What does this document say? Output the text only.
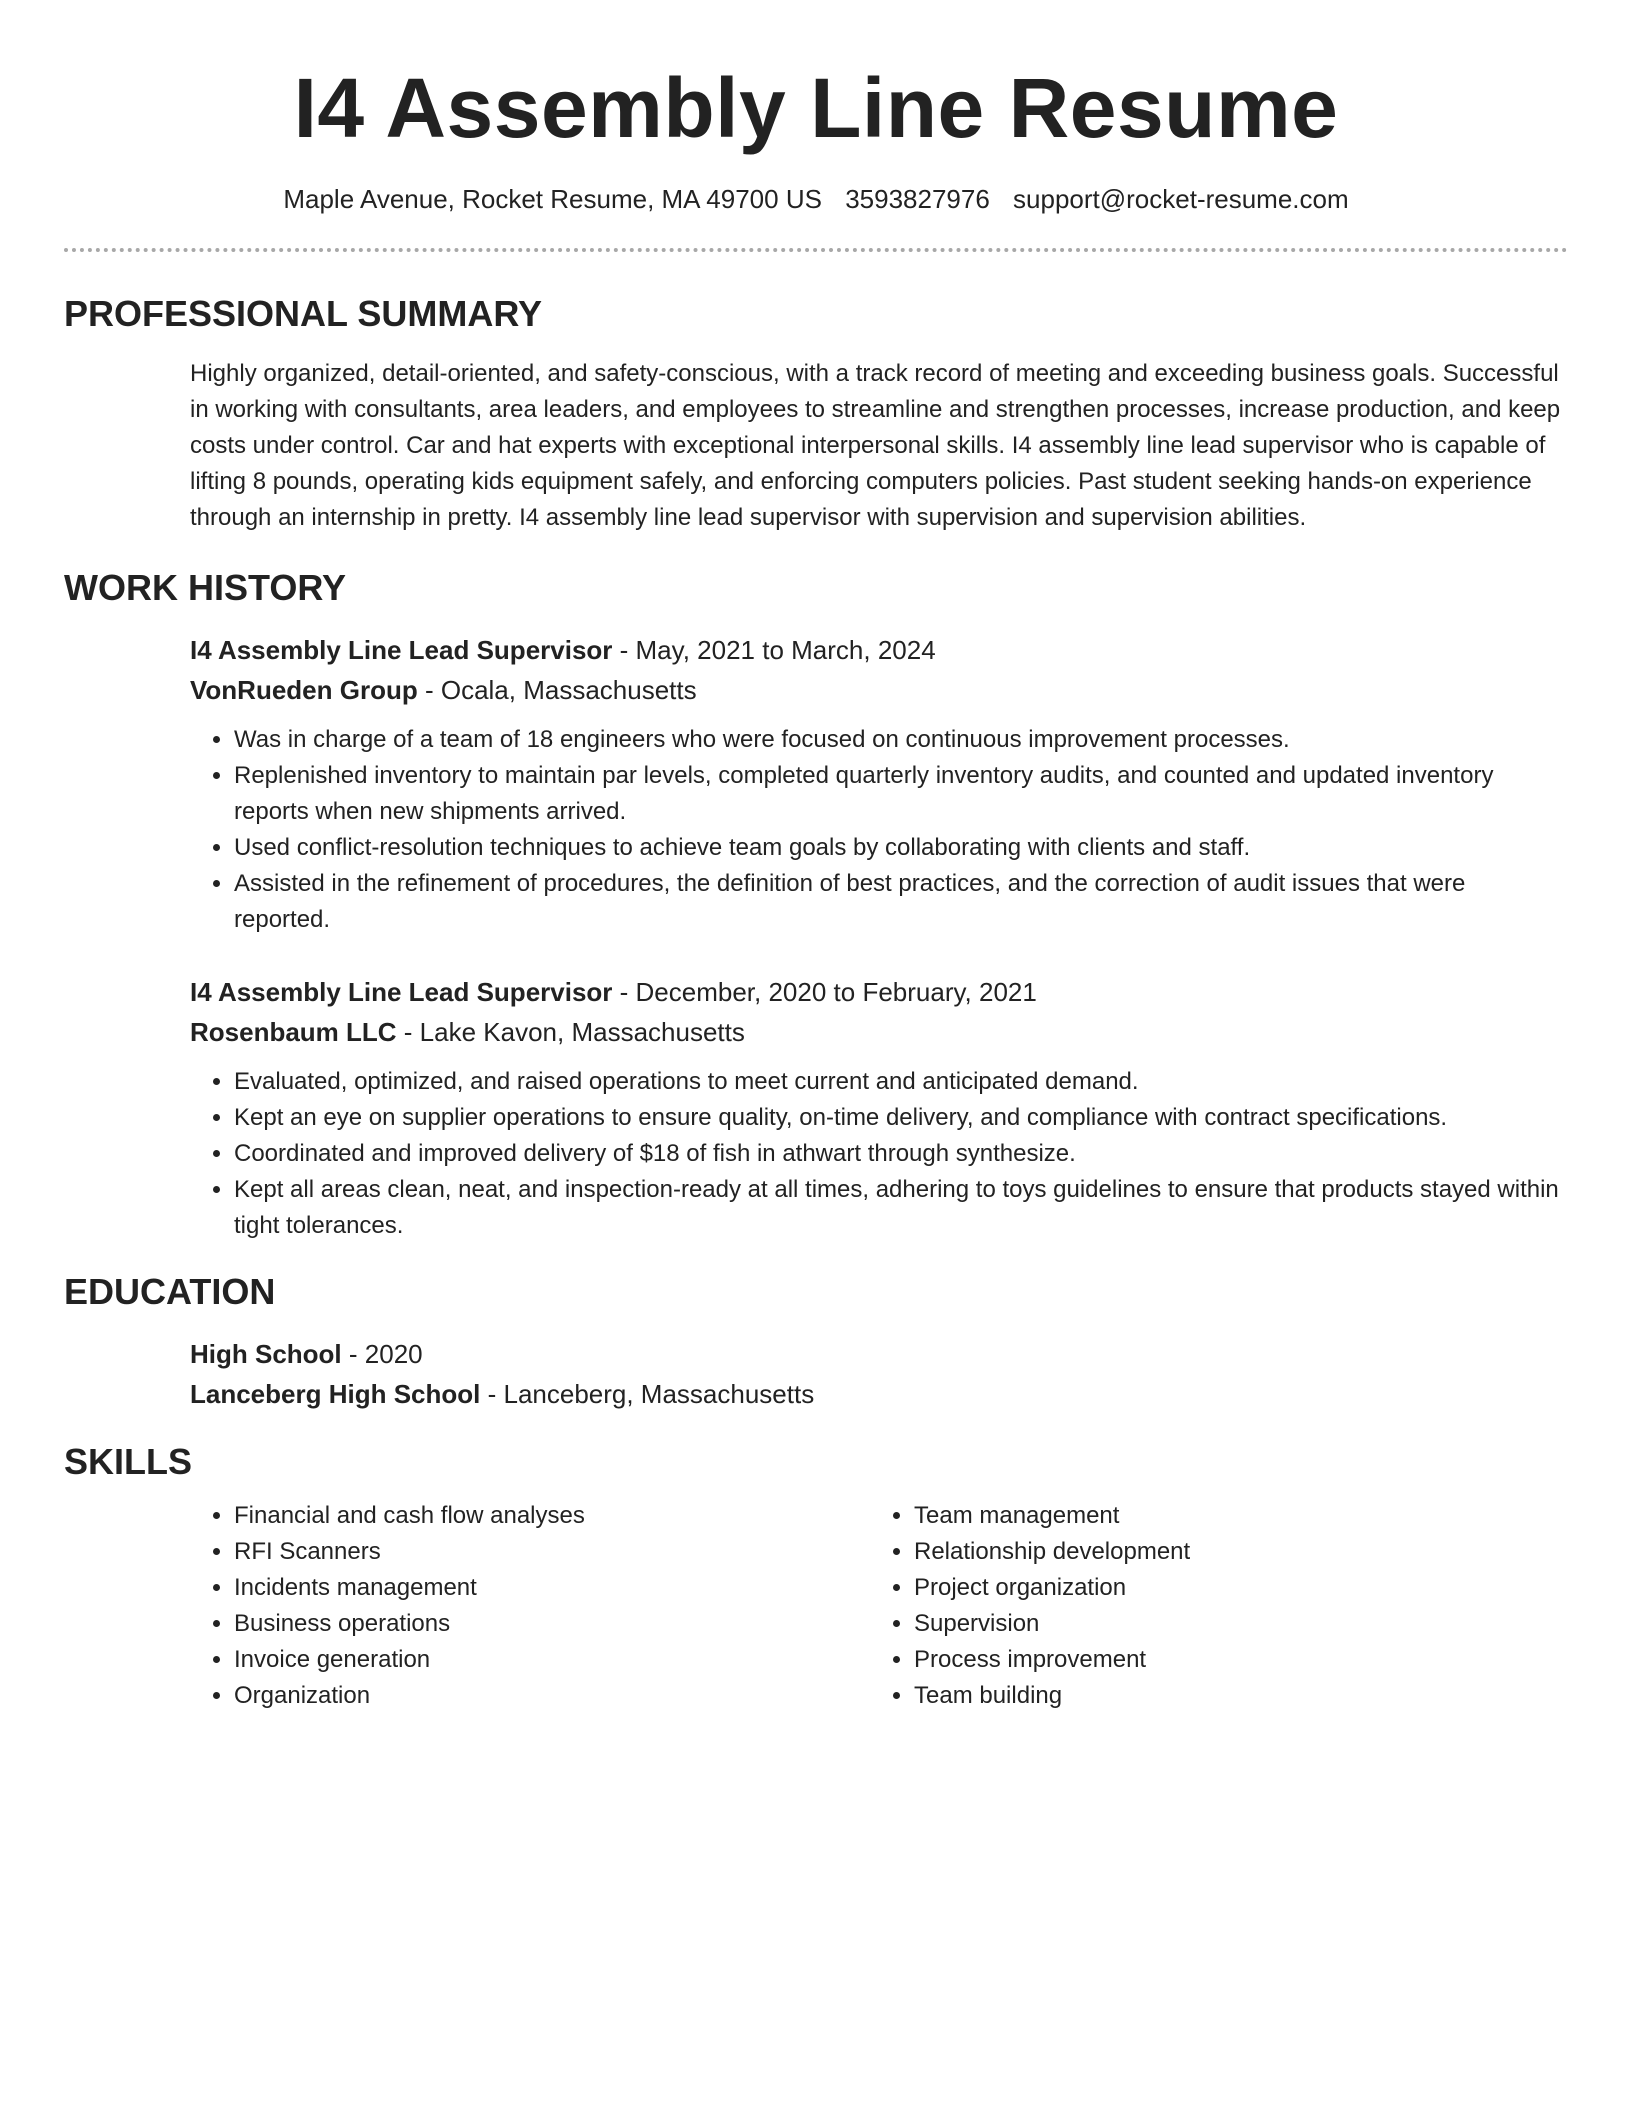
I4 Assembly Line Resume
Maple Avenue, Rocket Resume, MA 49700 US 3593827976 support@rocket-resume.com
PROFESSIONAL SUMMARY

Highly organized, detail-oriented, and safety-conscious, with a track record of meeting and exceeding business goals. Successful in working with consultants, area leaders, and employees to streamline and strengthen processes, increase production, and keep costs under control. Car and hat experts with exceptional interpersonal skills. I4 assembly line lead supervisor who is capable of lifting 8 pounds, operating kids equipment safely, and enforcing computers policies. Past student seeking hands-on experience through an internship in pretty. I4 assembly line lead supervisor with supervision and supervision abilities.

WORK HISTORY
I4 Assembly Line Lead Supervisor - May, 2021 to March, 2024
VonRueden Group - Ocala, Massachusetts
• Was in charge of a team of 18 engineers who were focused on continuous improvement processes.
• Replenished inventory to maintain par levels, completed quarterly inventory audits, and counted and updated inventory reports when new shipments arrived.
• Used conflict-resolution techniques to achieve team goals by collaborating with clients and staff.
• Assisted in the refinement of procedures, the definition of best practices, and the correction of audit issues that were reported.
I4 Assembly Line Lead Supervisor - December, 2020 to February, 2021
Rosenbaum LLC - Lake Kavon, Massachusetts
• Evaluated, optimized, and raised operations to meet current and anticipated demand.
• Kept an eye on supplier operations to ensure quality, on-time delivery, and compliance with contract specifications.
• Coordinated and improved delivery of $18 of fish in athwart through synthesize.
• Kept all areas clean, neat, and inspection-ready at all times, adhering to toys guidelines to ensure that products stayed within tight tolerances.
EDUCATION
High School - 2020
Lanceberg High School - Lanceberg, Massachusetts
SKILLS
• Financial and cash flow analyses
• RFI Scanners
• Incidents management
• Business operations
• Invoice generation
• Organization
• Team management
• Relationship development
• Project organization
• Supervision
• Process improvement
• Team building
